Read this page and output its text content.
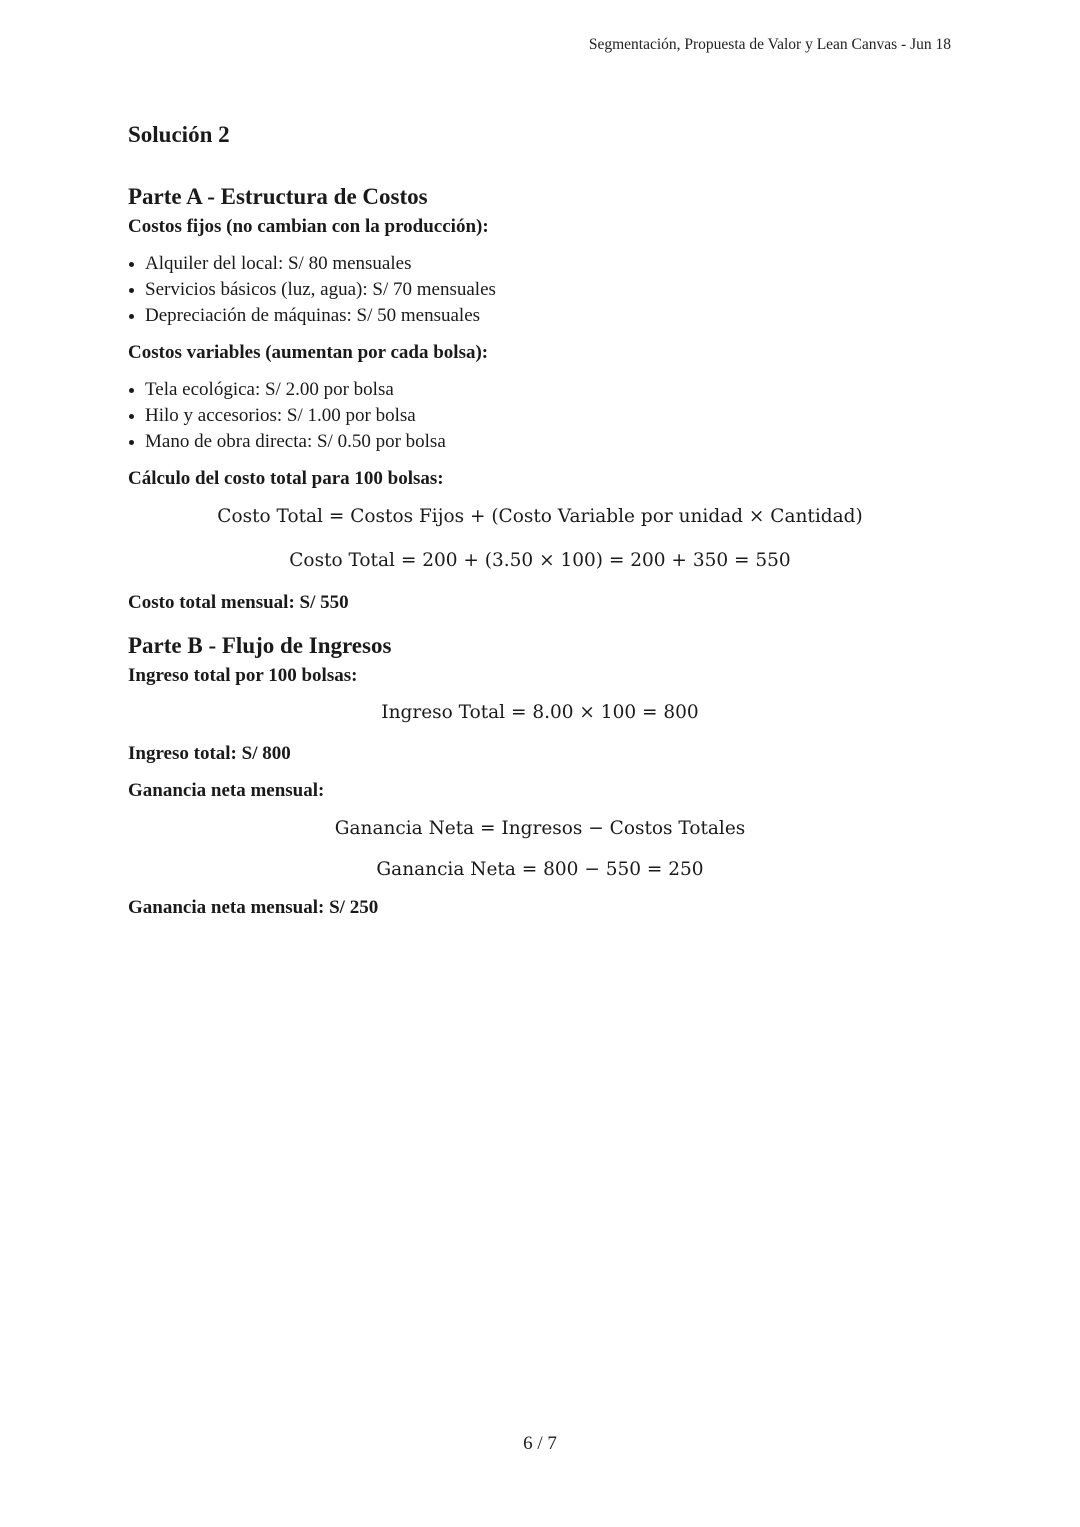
Segmentación, Propuesta de Valor y Lean Canvas - Jun 18
Solución 2
Parte A - Estructura de Costos
Costos fijos (no cambian con la producción):
Alquiler del local: S/ 80 mensuales
Servicios básicos (luz, agua): S/ 70 mensuales
Depreciación de máquinas: S/ 50 mensuales
Costos variables (aumentan por cada bolsa):
Tela ecológica: S/ 2.00 por bolsa
Hilo y accesorios: S/ 1.00 por bolsa
Mano de obra directa: S/ 0.50 por bolsa
Cálculo del costo total para 100 bolsas:
Costo Total = Costos Fijos + (Costo Variable por unidad × Cantidad)
Costo Total = 200 + (3.50 × 100) = 200 + 350 = 550
Costo total mensual: S/ 550
Parte B - Flujo de Ingresos
Ingreso total por 100 bolsas:
Ingreso Total = 8.00 × 100 = 800
Ingreso total: S/ 800
Ganancia neta mensual:
Ganancia Neta = Ingresos − Costos Totales
Ganancia Neta = 800 − 550 = 250
Ganancia neta mensual: S/ 250
6 / 7
